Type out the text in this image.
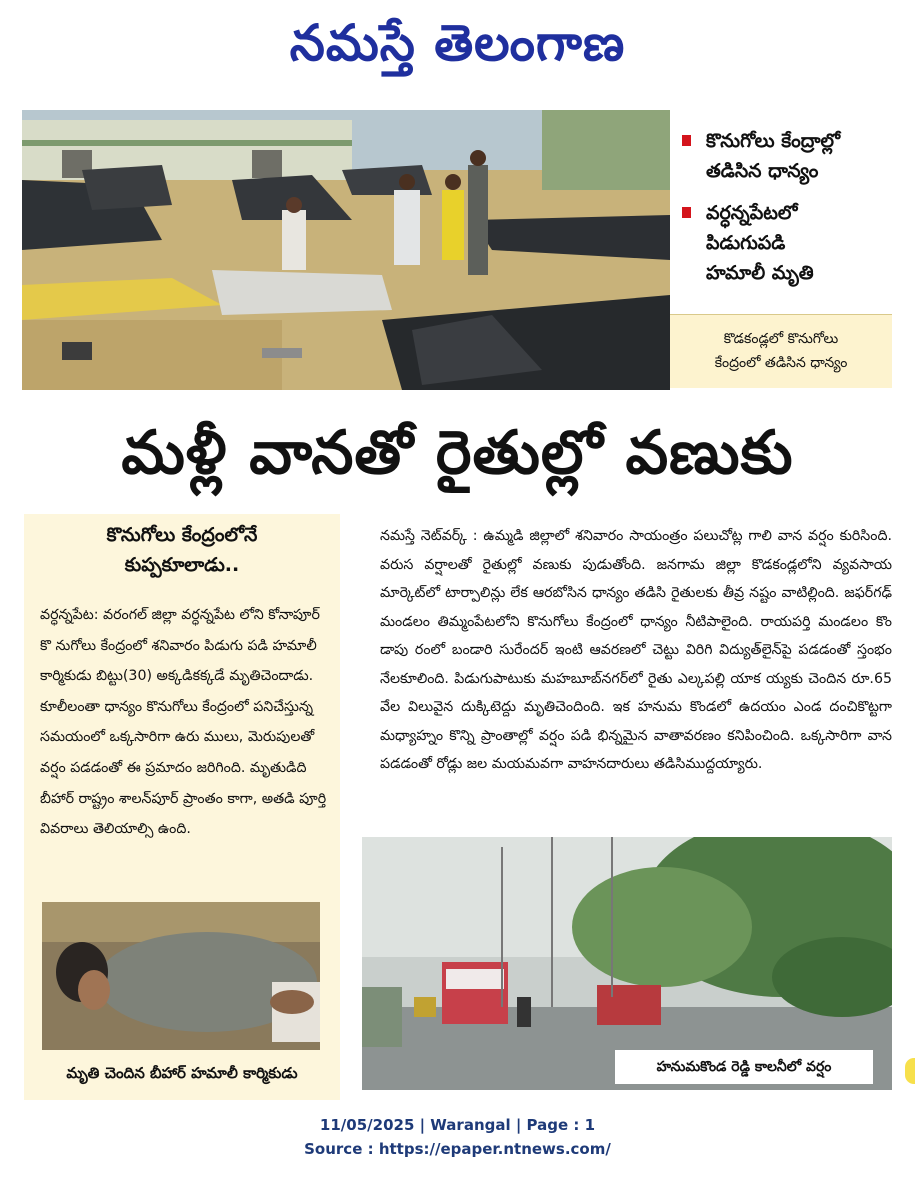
నమస్తే తెలంగాణ
కొనుగోలు కేంద్రాల్లో
తడిసిన ధాన్యం
వర్ధన్నపేటలో
పిడుగుపడి
హమాలీ మృతి
కొడకండ్లలో కొనుగోలు
కేంద్రంలో తడిసిన ధాన్యం
మళ్లీ వానతో రైతుల్లో వణుకు
కొనుగోలు కేంద్రంలోనే
కుప్పకూలాడు..
వర్ధన్నపేట: వరంగల్ జిల్లా వర్ధన్నపేట లోని కోనాపూర్ కొ నుగోలు కేంద్రంలో శనివారం పిడుగు పడి హమాలీ కార్మికుడు బిట్టు(30) అక్కడికక్కడే మృతిచెందాడు. కూలీలంతా ధాన్యం కొనుగోలు కేంద్రంలో పనిచేస్తున్న సమయంలో ఒక్కసారిగా ఉరు ములు, మెరుపులతో వర్షం పడడంతో ఈ ప్రమాదం జరిగింది. మృతుడిది బీహార్ రాష్ట్రం శాలన్‌పూర్ ప్రాంతం కాగా, అతడి పూర్తి వివరాలు తెలియాల్సి ఉంది.
మృతి చెందిన బీహార్ హమాలీ కార్మికుడు
నమస్తే నెట్‌వర్క్ : ఉమ్మడి జిల్లాలో శనివారం సాయంత్రం పలుచోట్ల గాలి వాన వర్షం కురిసింది. వరుస వర్షాలతో రైతుల్లో వణుకు పుడుతోంది. జనగామ జిల్లా కొడకండ్లలోని వ్యవసాయ మార్కెట్‌లో టార్పాలిన్లు లేక ఆరబోసిన ధాన్యం తడిసి రైతులకు తీవ్ర నష్టం వాటిల్లింది. జఫర్‌గఢ్ మండలం తిమ్మంపేటలోని కొనుగోలు కేంద్రంలో ధాన్యం నీటిపాలైంది. రాయపర్తి మండలం కొం డాపు రంలో బండారి సురేందర్ ఇంటి ఆవరణలో చెట్టు విరిగి విద్యుత్‌లైన్‌పై పడడంతో స్తంభం నేలకూలింది. పిడుగుపాటుకు మహబూబ్‌నగర్‌లో రైతు ఎల్కపల్లి యాక య్యకు చెందిన రూ.65 వేల విలువైన దుక్కిటెద్దు మృతిచెందింది. ఇక హనుమ కొండలో ఉదయం ఎండ దంచికొట్టగా మధ్యాహ్నం కొన్ని ప్రాంతాల్లో వర్షం పడి భిన్నమైన వాతావరణం కనిపించింది. ఒక్కసారిగా వాన పడడంతో రోడ్లు జల మయమవగా వాహనదారులు తడిసిముద్దయ్యారు.
హనుమకొండ రెడ్డి కాలనీలో వర్షం
11/05/2025 | Warangal | Page : 1
Source : https://epaper.ntnews.com/
